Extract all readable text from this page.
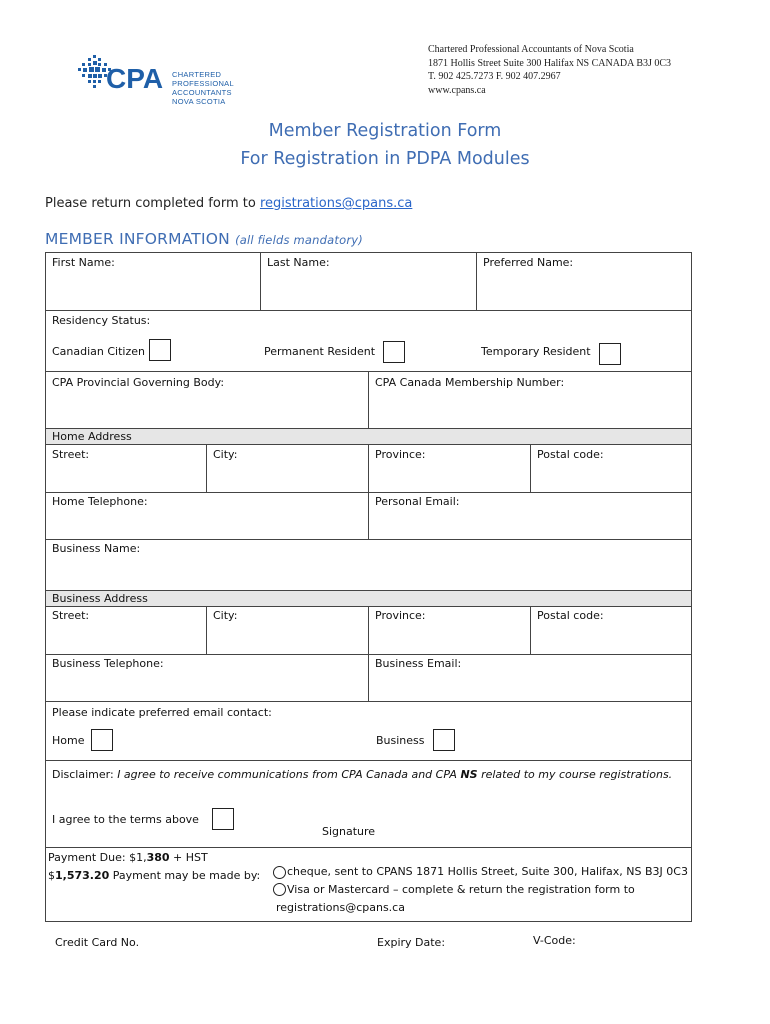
CPA CHARTERED
PROFESSIONAL
ACCOUNTANTS
NOVA SCOTIA
Chartered Professional Accountants of Nova Scotia
1871 Hollis Street Suite 300 Halifax NS CANADA B3J 0C3
T. 902 425.7273 F. 902 407.2967
www.cpans.ca
Member Registration Form
For Registration in PDPA Modules
Please return completed form to registrations@cpans.ca
MEMBER INFORMATION (all fields mandatory)
First Name:	Last Name:	Preferred Name:
Residency Status:
Canadian Citizen	Permanent Resident	Temporary Resident
CPA Provincial Governing Body:	CPA Canada Membership Number:
Home Address
Street:	City:	Province:	Postal code:
Home Telephone:	Personal Email:
Business Name:
Business Address
Street:	City:	Province:	Postal code:
Business Telephone:	Business Email:
Please indicate preferred email contact:
Home	Business
Disclaimer: I agree to receive communications from CPA Canada and CPA NS related to my course registrations.
I agree to the terms above
Signature
Payment Due: $1,380 + HST
$1,573.20 Payment may be made by: cheque, sent to CPANS 1871 Hollis Street, Suite 300, Halifax, NS B3J 0C3
Visa or Mastercard – complete & return the registration form to
registrations@cpans.ca
Credit Card No.	Expiry Date:	V-Code:
